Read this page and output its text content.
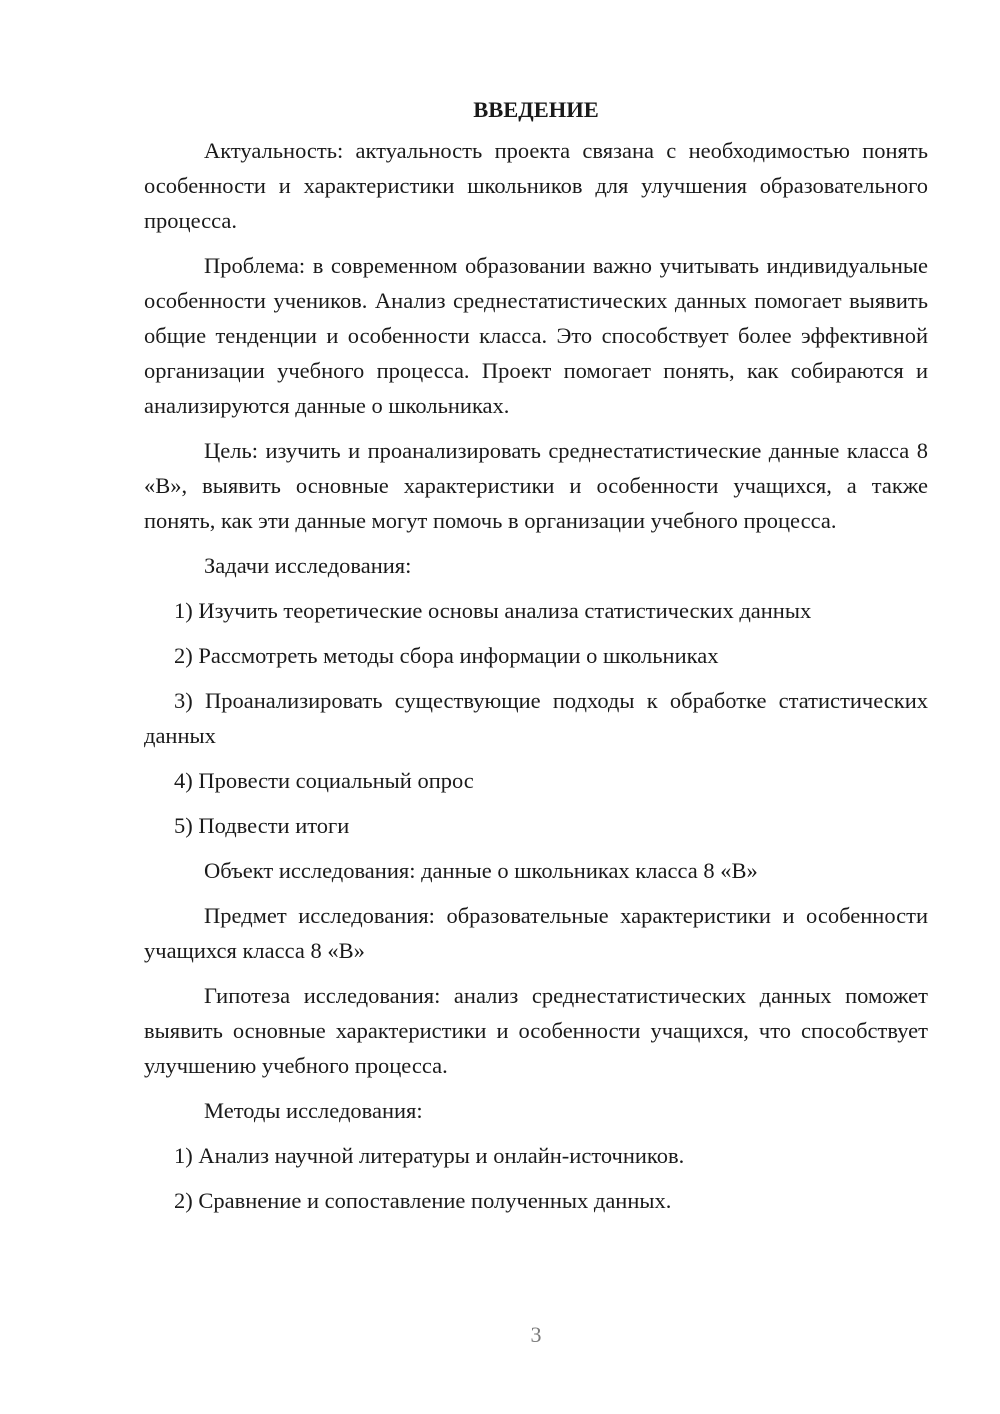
ВВЕДЕНИЕ

Актуальность: актуальность проекта связана с необходимостью понять особенности и характеристики школьников для улучшения образовательного процесса.

Проблема: в современном образовании важно учитывать индивидуальные особенности учеников. Анализ среднестатистических данных помогает выявить общие тенденции и особенности класса. Это способствует более эффективной организации учебного процесса. Проект помогает понять, как собираются и анализируются данные о школьниках.

Цель: изучить и проанализировать среднестатистические данные класса 8 «В», выявить основные характеристики и особенности учащихся, а также понять, как эти данные могут помочь в организации учебного процесса.

Задачи исследования:

1) Изучить теоретические основы анализа статистических данных

2) Рассмотреть методы сбора информации о школьниках

3) Проанализировать существующие подходы к обработке статистических данных

4) Провести социальный опрос

5) Подвести итоги

Объект исследования: данные о школьниках класса 8 «В»

Предмет исследования: образовательные характеристики и особенности учащихся класса 8 «В»

Гипотеза исследования: анализ среднестатистических данных поможет выявить основные характеристики и особенности учащихся, что способствует улучшению учебного процесса.

Методы исследования:

1) Анализ научной литературы и онлайн-источников.

2) Сравнение и сопоставление полученных данных.

3
